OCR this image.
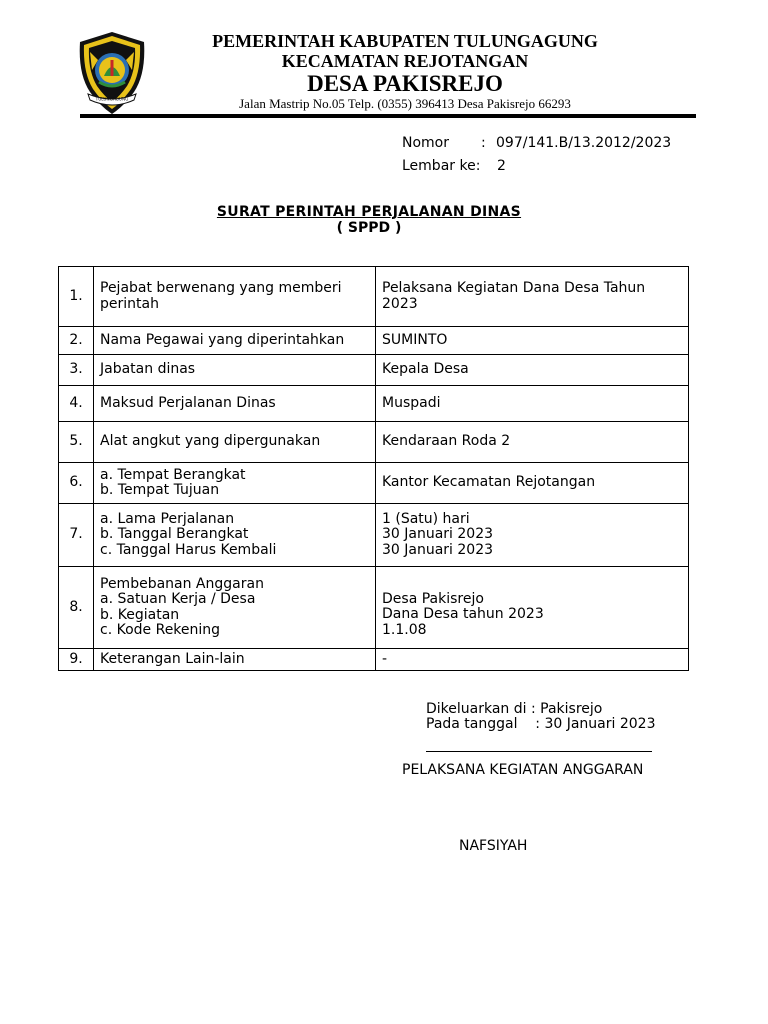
TULUNGAGUNG
PEMERINTAH KABUPATEN TULUNGAGUNG
KECAMATAN REJOTANGAN
DESA PAKISREJO
Jalan Mastrip No.05 Telp. (0355) 396413 Desa Pakisrejo 66293
Nomor : 097/141.B/13.2012/2023
Lembar ke: 2
SURAT PERINTAH PERJALANAN DINAS
( SPPD )
1.	Pejabat berwenang yang memberi
perintah	Pelaksana Kegiatan Dana Desa Tahun
2023

2.	Nama Pegawai yang diperintahkan	SUMINTO

3.	Jabatan dinas	Kepala Desa

4.	Maksud Perjalanan Dinas	Muspadi

5.	Alat angkut yang dipergunakan	Kendaraan Roda 2

6.	a. Tempat Berangkat
b. Tempat Tujuan	Kantor Kecamatan Rejotangan

7.	a. Lama Perjalanan
b. Tanggal Berangkat
c. Tanggal Harus Kembali	1 (Satu) hari
30 Januari 2023
30 Januari 2023

8.	Pembebanan Anggaran
a. Satuan Kerja / Desa
b. Kegiatan
c. Kode Rekening	Desa Pakisrejo
Dana Desa tahun 2023
1.1.08

9.	Keterangan Lain-lain	-
Dikeluarkan di : Pakisrejo
Pada tanggal    : 30 Januari 2023
PELAKSANA KEGIATAN ANGGARAN
NAFSIYAH
